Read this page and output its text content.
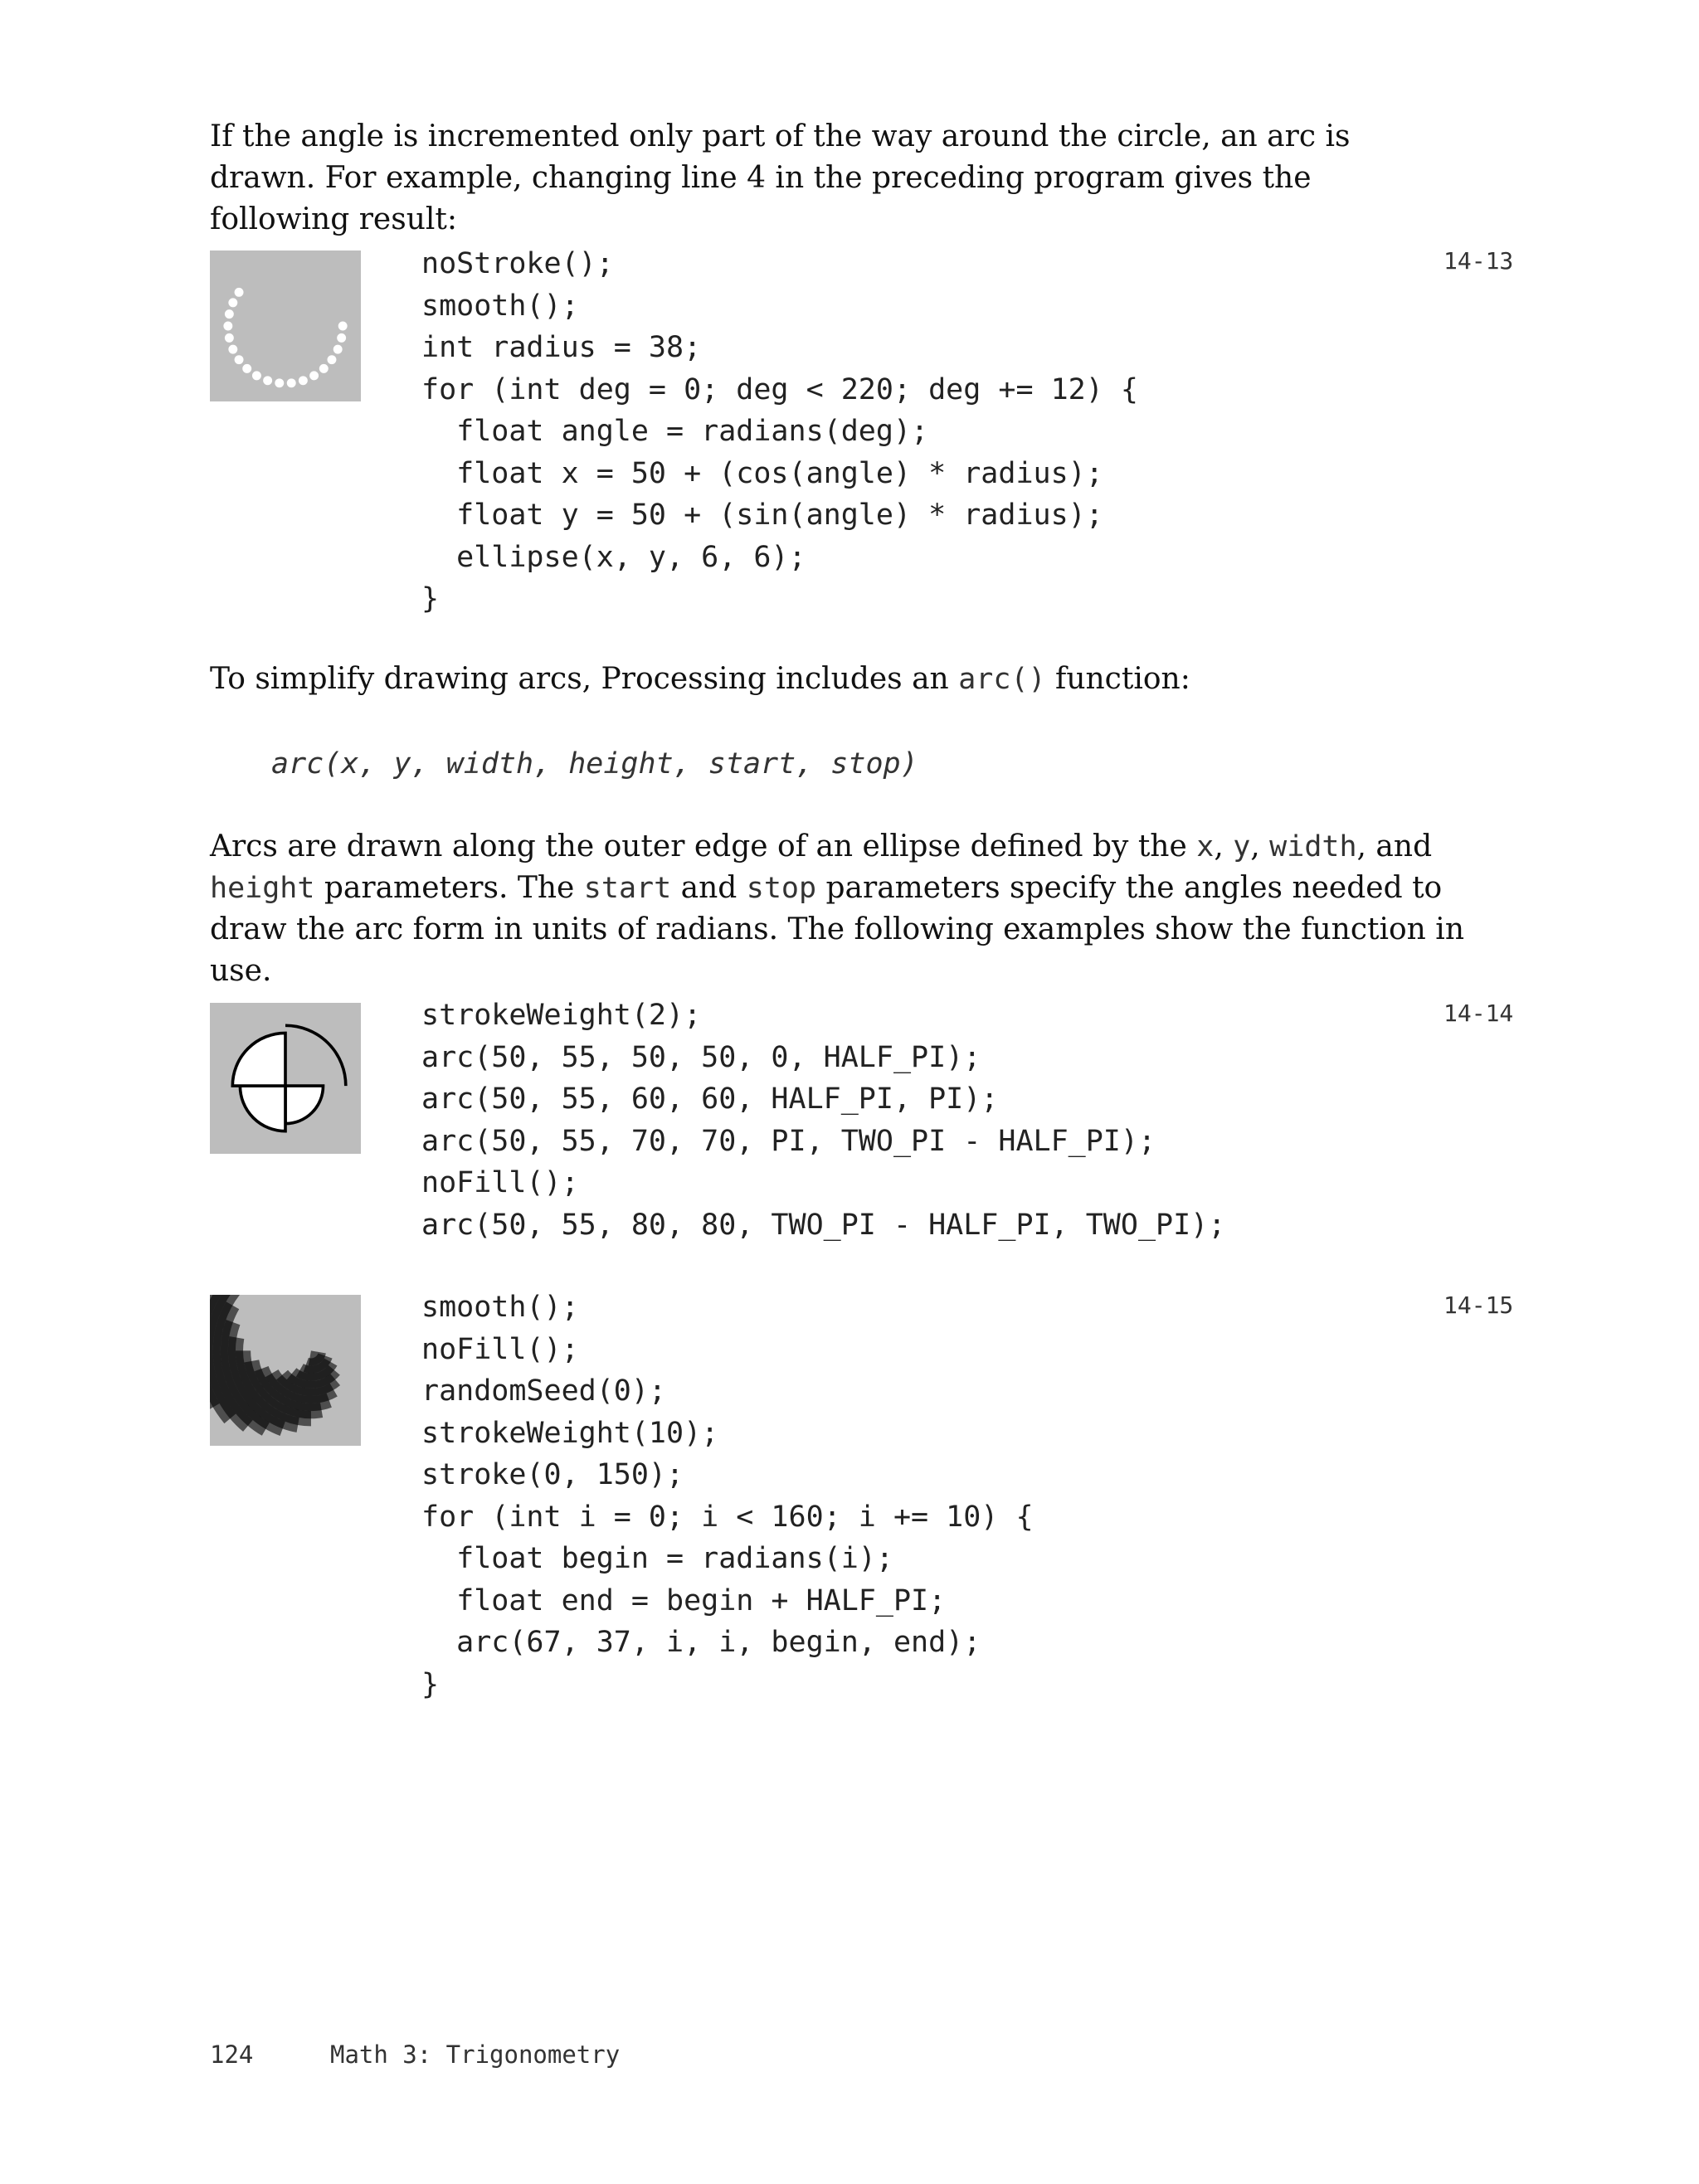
If the angle is incremented only part of the way around the circle, an arc is drawn. For example, changing line 4 in the preceding program gives the following result:

noStroke();
smooth();
int radius = 38;
for (int deg = 0; deg < 220; deg += 12) {
float angle = radians(deg);
float x = 50 + (cos(angle) * radius);
float y = 50 + (sin(angle) * radius);
ellipse(x, y, 6, 6);
}
14-13

To simplify drawing arcs, Processing includes an arc() function:

arc(x, y, width, height, start, stop)

Arcs are drawn along the outer edge of an ellipse defined by the x, y, width, and height parameters. The start and stop parameters specify the angles needed to draw the arc form in units of radians. The following examples show the function in use.

strokeWeight(2);
arc(50, 55, 50, 50, 0, HALF_PI);
arc(50, 55, 60, 60, HALF_PI, PI);
arc(50, 55, 70, 70, PI, TWO_PI - HALF_PI);
noFill();
arc(50, 55, 80, 80, TWO_PI - HALF_PI, TWO_PI);
14-14
smooth();
noFill();
randomSeed(0);
strokeWeight(10);
stroke(0, 150);
for (int i = 0; i < 160; i += 10) {
float begin = radians(i);
float end = begin + HALF_PI;
arc(67, 37, i, i, begin, end);
}
14-15
124	Math 3: Trigonometry
